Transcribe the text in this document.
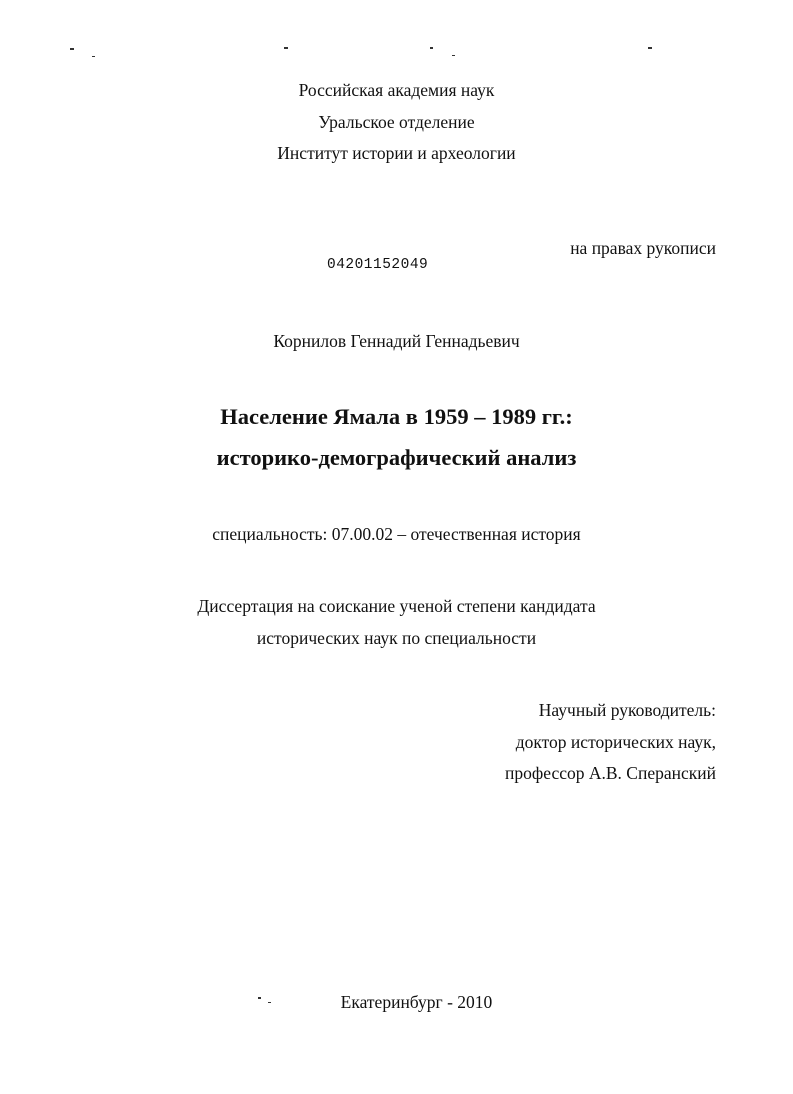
Российская академия наук
Уральское отделение
Институт истории и археологии
на правах рукописи
04201152049
Корнилов Геннадий Геннадьевич
Население Ямала в 1959 – 1989 гг.:
историко-демографический анализ
специальность: 07.00.02 – отечественная история
Диссертация на соискание ученой степени кандидата
исторических наук по специальности
Научный руководитель:
доктор исторических наук,
профессор А.В. Сперанский
Екатеринбург - 2010
